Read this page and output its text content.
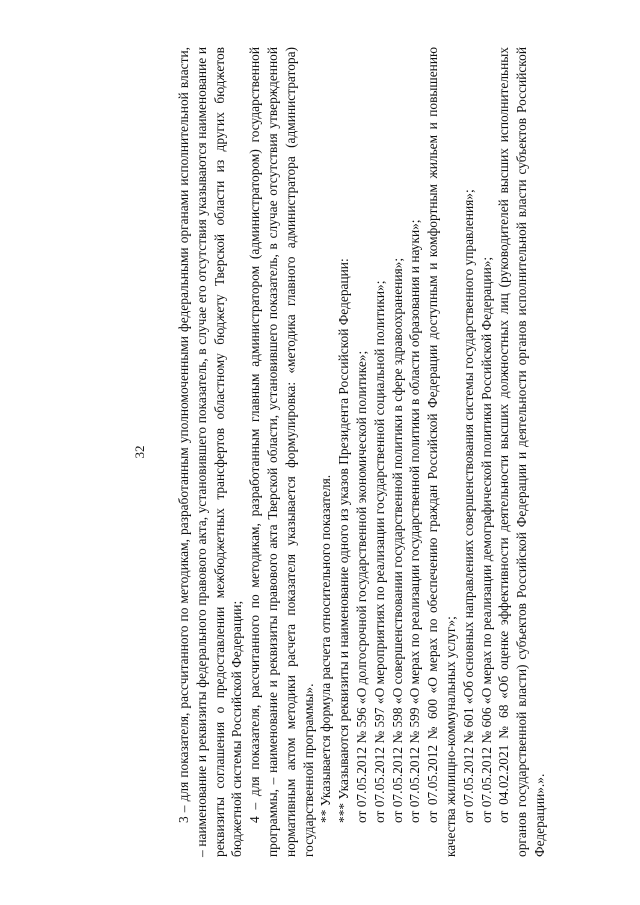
32 3 – для показателя, рассчитанного по методикам, разработанным уполномоченными федеральными органами исполнительной власти, – наименование и реквизиты федерального правового акта, установившего показатель, в случае его отсутствия указываются наименование и реквизиты соглашения о предоставлении межбюджетных трансфертов областному бюджету Тверской области из других бюджетов бюджетной системы Российской Федерации; 4 – для показателя, рассчитанного по методикам, разработанным главным администратором (администратором) государственной программы, – наименование и реквизиты правового акта Тверской области, установившего показатель, в случае отсутствия утвержденной нормативным актом методики расчета показателя указывается формулировка: «методика главного администратора (администратора) государственной программы». ** Указывается формула расчета относительного показателя. *** Указываются реквизиты и наименование одного из указов Президента Российской Федерации: от 07.05.2012 № 596 «О долгосрочной государственной экономической политике»; от 07.05.2012 № 597 «О мероприятиях по реализации государственной социальной политики»; от 07.05.2012 № 598 «О совершенствовании государственной политики в сфере здравоохранения»; от 07.05.2012 № 599 «О мерах по реализации государственной политики в области образования и науки»; от 07.05.2012 № 600 «О мерах по обеспечению граждан Российской Федерации доступным и комфортным жильем и повышению качества жилищно-коммунальных услуг»; от 07.05.2012 № 601 «Об основных направлениях совершенствования системы государственного управления»; от 07.05.2012 № 606 «О мерах по реализации демографической политики Российской Федерации»; от 04.02.2021 № 68 «Об оценке эффективности деятельности высших должностных лиц (руководителей высших исполнительных органов государственной власти) субъектов Российской Федерации и деятельности органов исполнительной власти субъектов Российской Федерации».».
